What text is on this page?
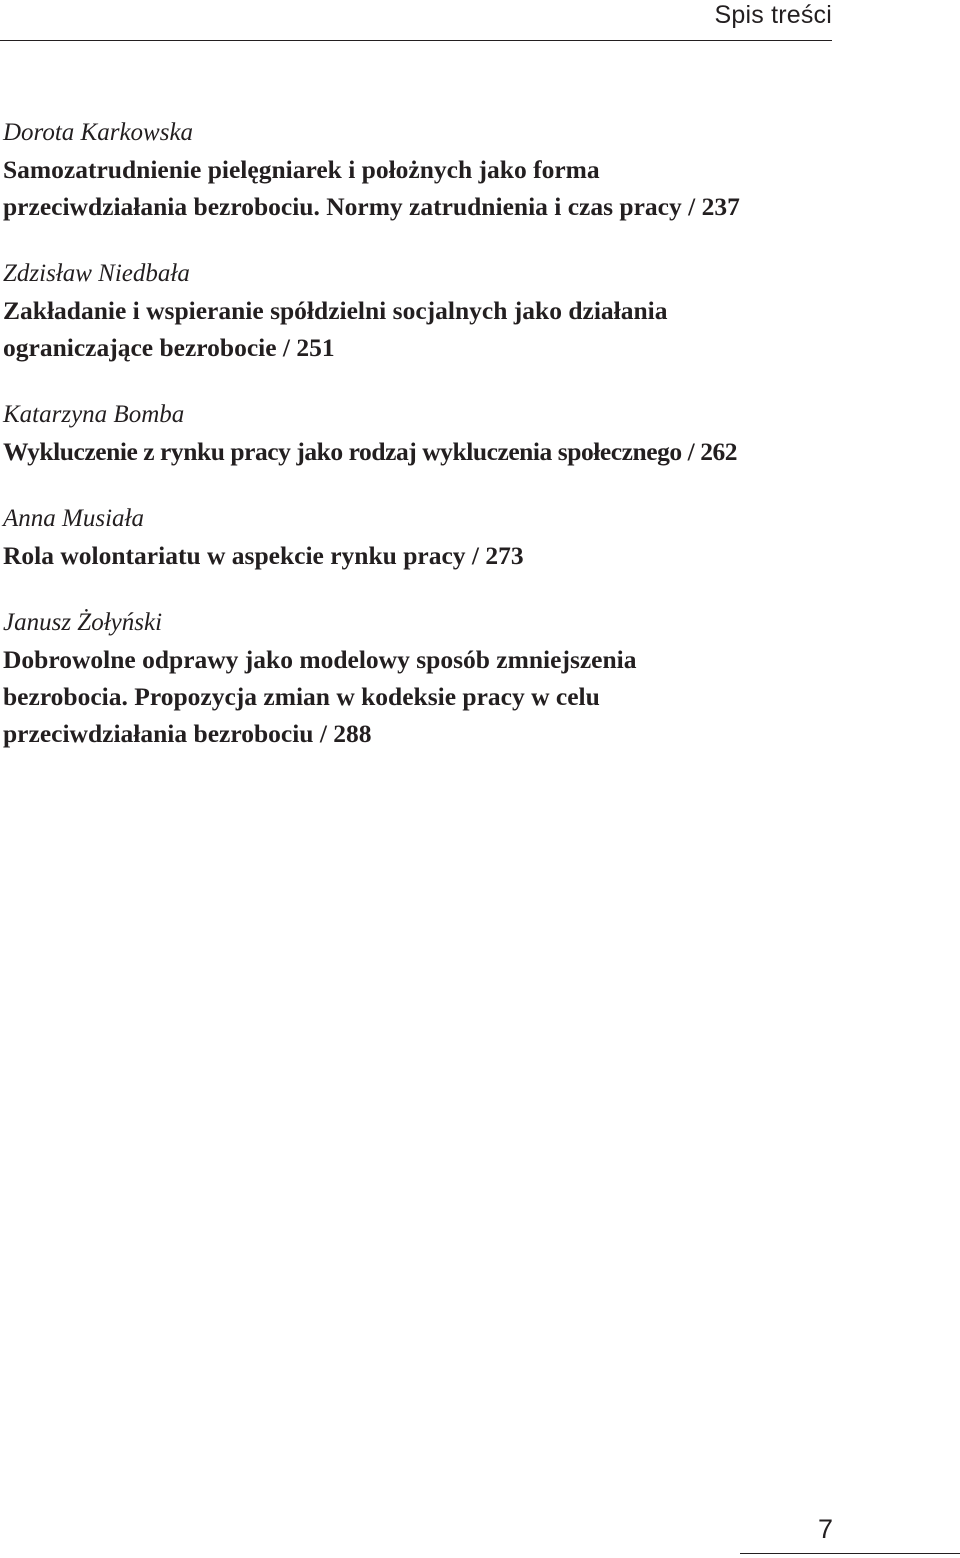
Spis treści
Dorota Karkowska
Samozatrudnienie pielęgniarek i położnych jako forma
przeciwdziałania bezrobociu. Normy zatrudnienia i czas pracy / 237
Zdzisław Niedbała
Zakładanie i wspieranie spółdzielni socjalnych jako działania
ograniczające bezrobocie / 251
Katarzyna Bomba
Wykluczenie z rynku pracy jako rodzaj wykluczenia społecznego / 262
Anna Musiała
Rola wolontariatu w aspekcie rynku pracy / 273
Janusz Żołyński
Dobrowolne odprawy jako modelowy sposób zmniejszenia
bezrobocia. Propozycja zmian w kodeksie pracy w celu
przeciwdziałania bezrobociu / 288
7
